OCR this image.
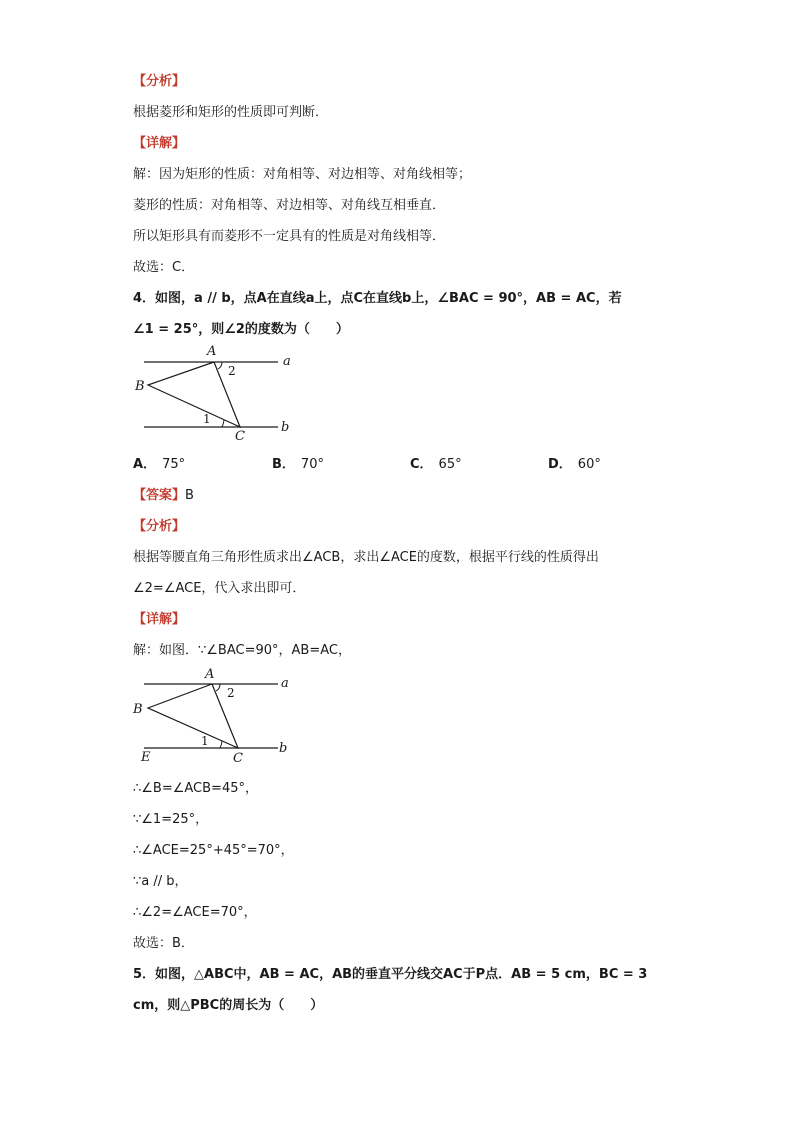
【分析】
根据菱形和矩形的性质即可判断．
【详解】
解：因为矩形的性质：对角相等、对边相等、对角线相等；
菱形的性质：对角相等、对边相等、对角线互相垂直．
所以矩形具有而菱形不一定具有的性质是对角线相等．
故选：C．
4．如图，a // b，点A在直线a上，点C在直线b上，∠BAC = 90°，AB = AC，若
∠1 = 25°，则∠2的度数为（　　）
A
B
C
a
b
2
1
A． 75°	B． 70°	C． 65°	D． 60°
【答案】B
【分析】
根据等腰直角三角形性质求出∠ACB，求出∠ACE的度数，根据平行线的性质得出
∠2=∠ACE，代入求出即可．
【详解】
解：如图．∵∠BAC=90°，AB=AC，
A
B
C
E
a
b
2
1
∴∠B=∠ACB=45°，
∵∠1=25°，
∴∠ACE=25°+45°=70°，
∵a // b，
∴∠2=∠ACE=70°，
故选：B．
5．如图，△ABC中，AB = AC，AB的垂直平分线交AC于P点．AB = 5 cm，BC = 3
cm，则△PBC的周长为（　　）
